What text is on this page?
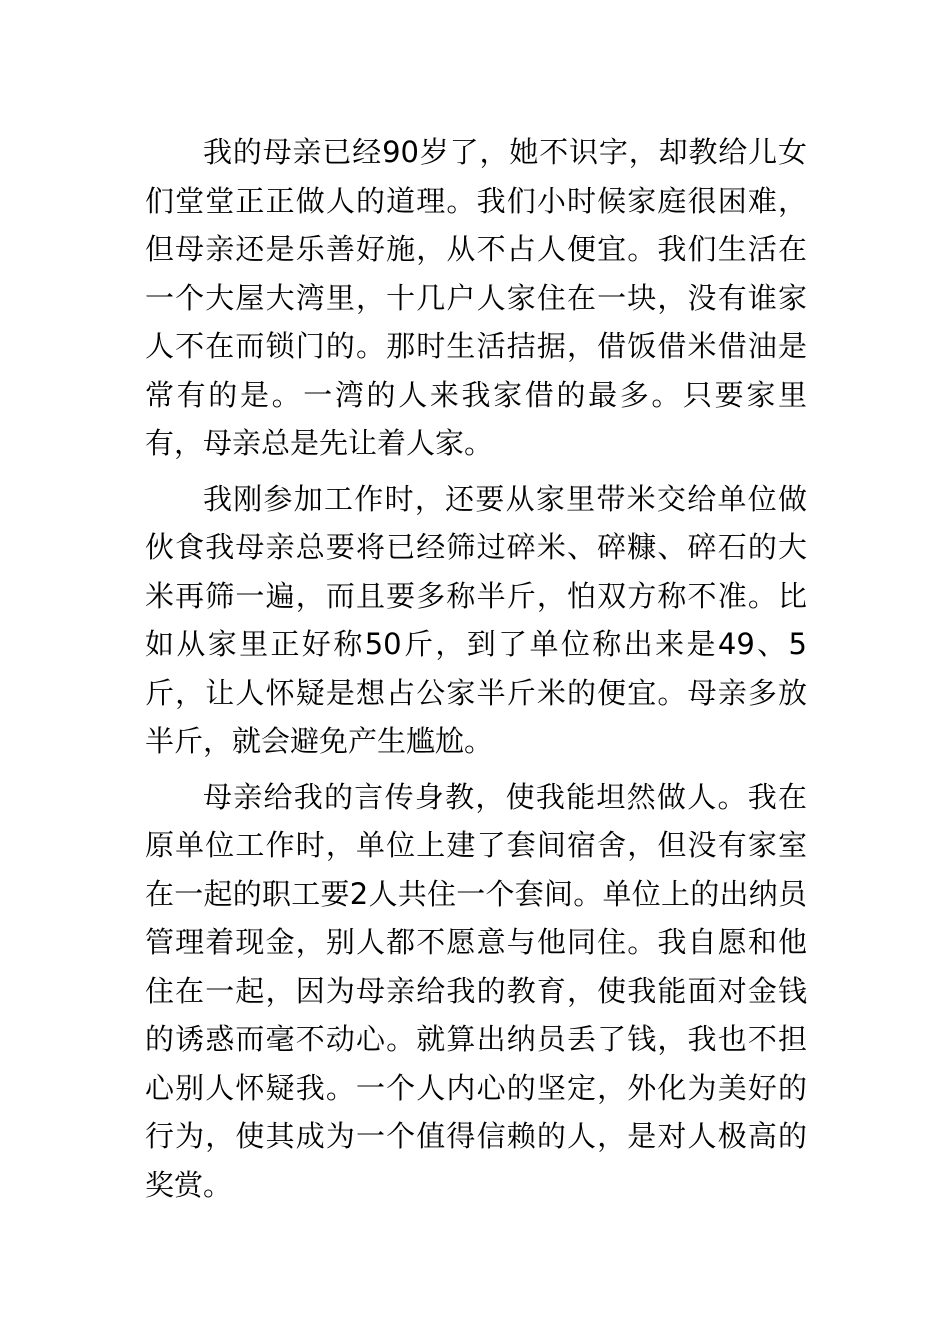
我的母亲已经90岁了，她不识字，却教给儿女们堂堂正正做人的道理。我们小时候家庭很困难，但母亲还是乐善好施，从不占人便宜。我们生活在一个大屋大湾里，十几户人家住在一块，没有谁家人不在而锁门的。那时生活拮据，借饭借米借油是常有的是。一湾的人来我家借的最多。只要家里有，母亲总是先让着人家。

我刚参加工作时，还要从家里带米交给单位做伙食我母亲总要将已经筛过碎米、碎糠、碎石的大米再筛一遍，而且要多称半斤，怕双方称不准。比如从家里正好称50斤，到了单位称出来是49、5斤，让人怀疑是想占公家半斤米的便宜。母亲多放半斤，就会避免产生尴尬。

母亲给我的言传身教，使我能坦然做人。我在原单位工作时，单位上建了套间宿舍，但没有家室在一起的职工要2人共住一个套间。单位上的出纳员管理着现金，别人都不愿意与他同住。我自愿和他住在一起，因为母亲给我的教育，使我能面对金钱的诱惑而毫不动心。就算出纳员丢了钱，我也不担心别人怀疑我。一个人内心的坚定，外化为美好的行为，使其成为一个值得信赖的人，是对人极高的奖赏。
